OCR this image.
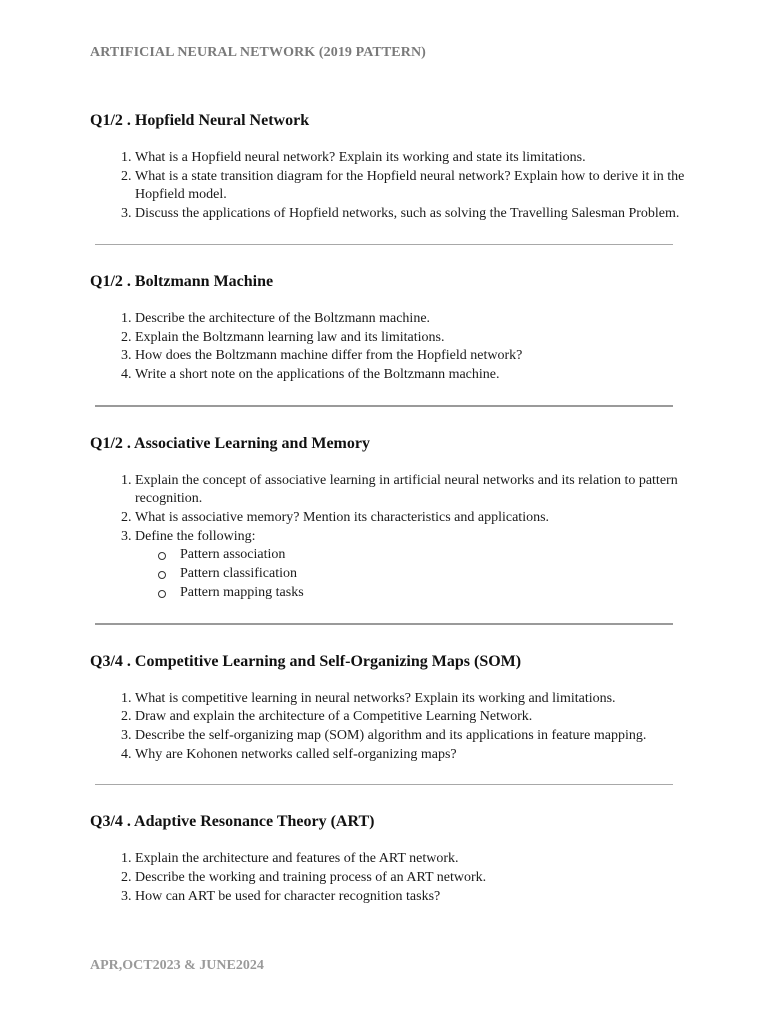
ARTIFICIAL NEURAL NETWORK (2019 PATTERN)
Q1/2 . Hopfield Neural Network
1. What is a Hopfield neural network? Explain its working and state its limitations.
2. What is a state transition diagram for the Hopfield neural network? Explain how to derive it in the Hopfield model.
3. Discuss the applications of Hopfield networks, such as solving the Travelling Salesman Problem.
Q1/2 . Boltzmann Machine
1. Describe the architecture of the Boltzmann machine.
2. Explain the Boltzmann learning law and its limitations.
3. How does the Boltzmann machine differ from the Hopfield network?
4. Write a short note on the applications of the Boltzmann machine.
Q1/2 . Associative Learning and Memory
1. Explain the concept of associative learning in artificial neural networks and its relation to pattern recognition.
2. What is associative memory? Mention its characteristics and applications.
3. Define the following:
Pattern association
Pattern classification
Pattern mapping tasks
Q3/4 . Competitive Learning and Self-Organizing Maps (SOM)
1. What is competitive learning in neural networks? Explain its working and limitations.
2. Draw and explain the architecture of a Competitive Learning Network.
3. Describe the self-organizing map (SOM) algorithm and its applications in feature mapping.
4. Why are Kohonen networks called self-organizing maps?
Q3/4 . Adaptive Resonance Theory (ART)
1. Explain the architecture and features of the ART network.
2. Describe the working and training process of an ART network.
3. How can ART be used for character recognition tasks?
APR,OCT2023 & JUNE2024
